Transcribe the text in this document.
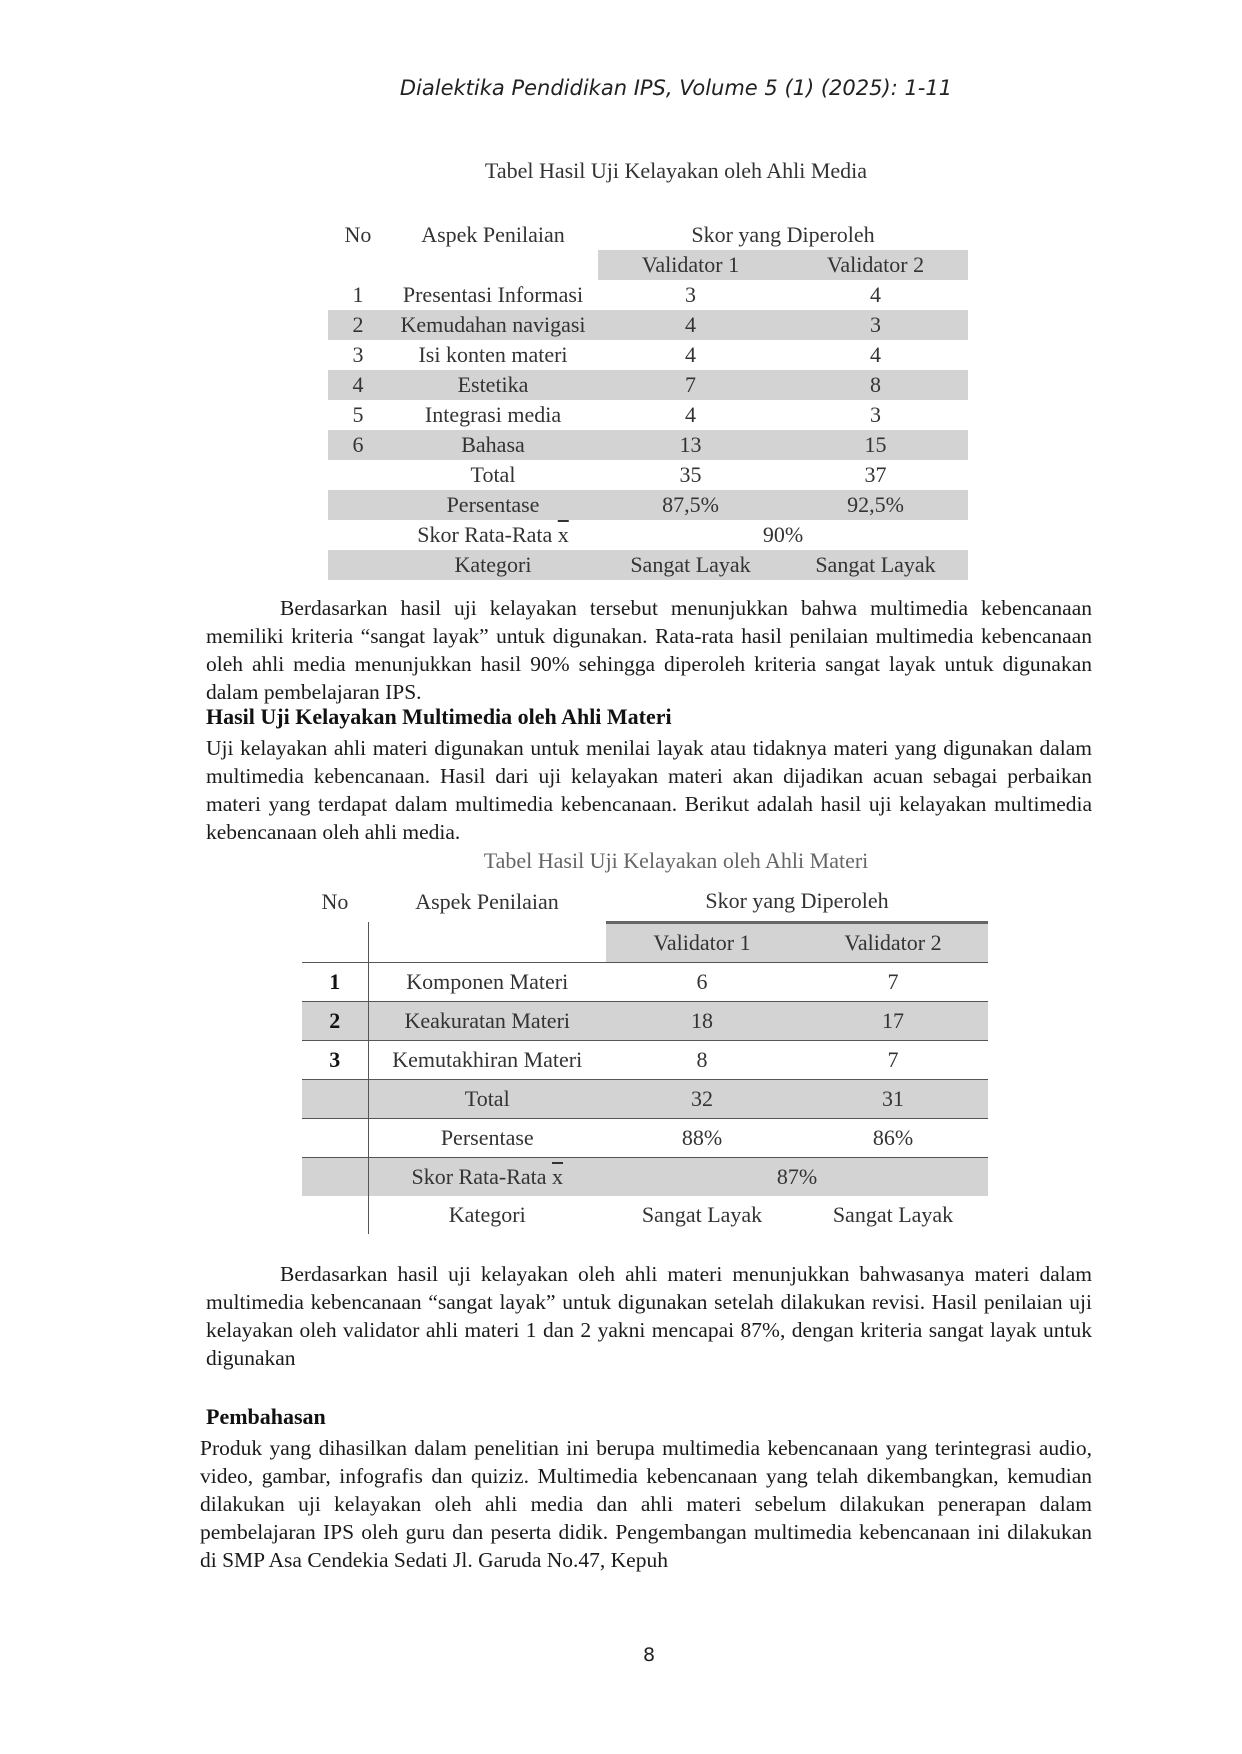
Dialektika Pendidikan IPS, Volume 5 (1) (2025): 1-11
Tabel Hasil Uji Kelayakan oleh Ahli Media
No	Aspek Penilaian	Skor yang Diperoleh	
		Validator 1	Validator 2
1	Presentasi Informasi	3	4
2	Kemudahan navigasi	4	3
3	Isi konten materi	4	4
4	Estetika	7	8
5	Integrasi media	4	3
6	Bahasa	13	15
	Total	35	37
	Persentase	87,5%	92,5%
	Skor Rata-Rata $\overline{x}$	90%	
	Kategori	Sangat Layak	Sangat Layak
Berdasarkan hasil uji kelayakan tersebut menunjukkan bahwa multimedia kebencanaan memiliki kriteria “sangat layak” untuk digunakan. Rata-rata hasil penilaian multimedia kebencanaan oleh ahli media menunjukkan hasil 90% sehingga diperoleh kriteria sangat layak untuk digunakan dalam pembelajaran IPS.
Hasil Uji Kelayakan Multimedia oleh Ahli Materi
Uji kelayakan ahli materi digunakan untuk menilai layak atau tidaknya materi yang digunakan dalam multimedia kebencanaan. Hasil dari uji kelayakan materi akan dijadikan acuan sebagai perbaikan materi yang terdapat dalam multimedia kebencanaan. Berikut adalah hasil uji kelayakan multimedia kebencanaan oleh ahli media.
Tabel Hasil Uji Kelayakan oleh Ahli Materi
No	Aspek Penilaian	Skor yang Diperoleh	
		Validator 1	Validator 2
1	Komponen Materi	6	7
2	Keakuratan Materi	18	17
3	Kemutakhiran Materi	8	7
	Total	32	31
	Persentase	88%	86%
	Skor Rata-Rata $\overline{x}$	87%	
	Kategori	Sangat Layak	Sangat Layak
Berdasarkan hasil uji kelayakan oleh ahli materi menunjukkan bahwasanya materi dalam multimedia kebencanaan “sangat layak” untuk digunakan setelah dilakukan revisi. Hasil penilaian uji kelayakan oleh validator ahli materi 1 dan 2 yakni mencapai 87%, dengan kriteria sangat layak untuk digunakan
Pembahasan
Produk yang dihasilkan dalam penelitian ini berupa multimedia kebencanaan yang terintegrasi audio, video, gambar, infografis dan quiziz. Multimedia kebencanaan yang telah dikembangkan, kemudian dilakukan uji kelayakan oleh ahli media dan ahli materi sebelum dilakukan penerapan dalam pembelajaran IPS oleh guru dan peserta didik. Pengembangan multimedia kebencanaan ini dilakukan di SMP Asa Cendekia Sedati Jl. Garuda No.47, Kepuh
8
